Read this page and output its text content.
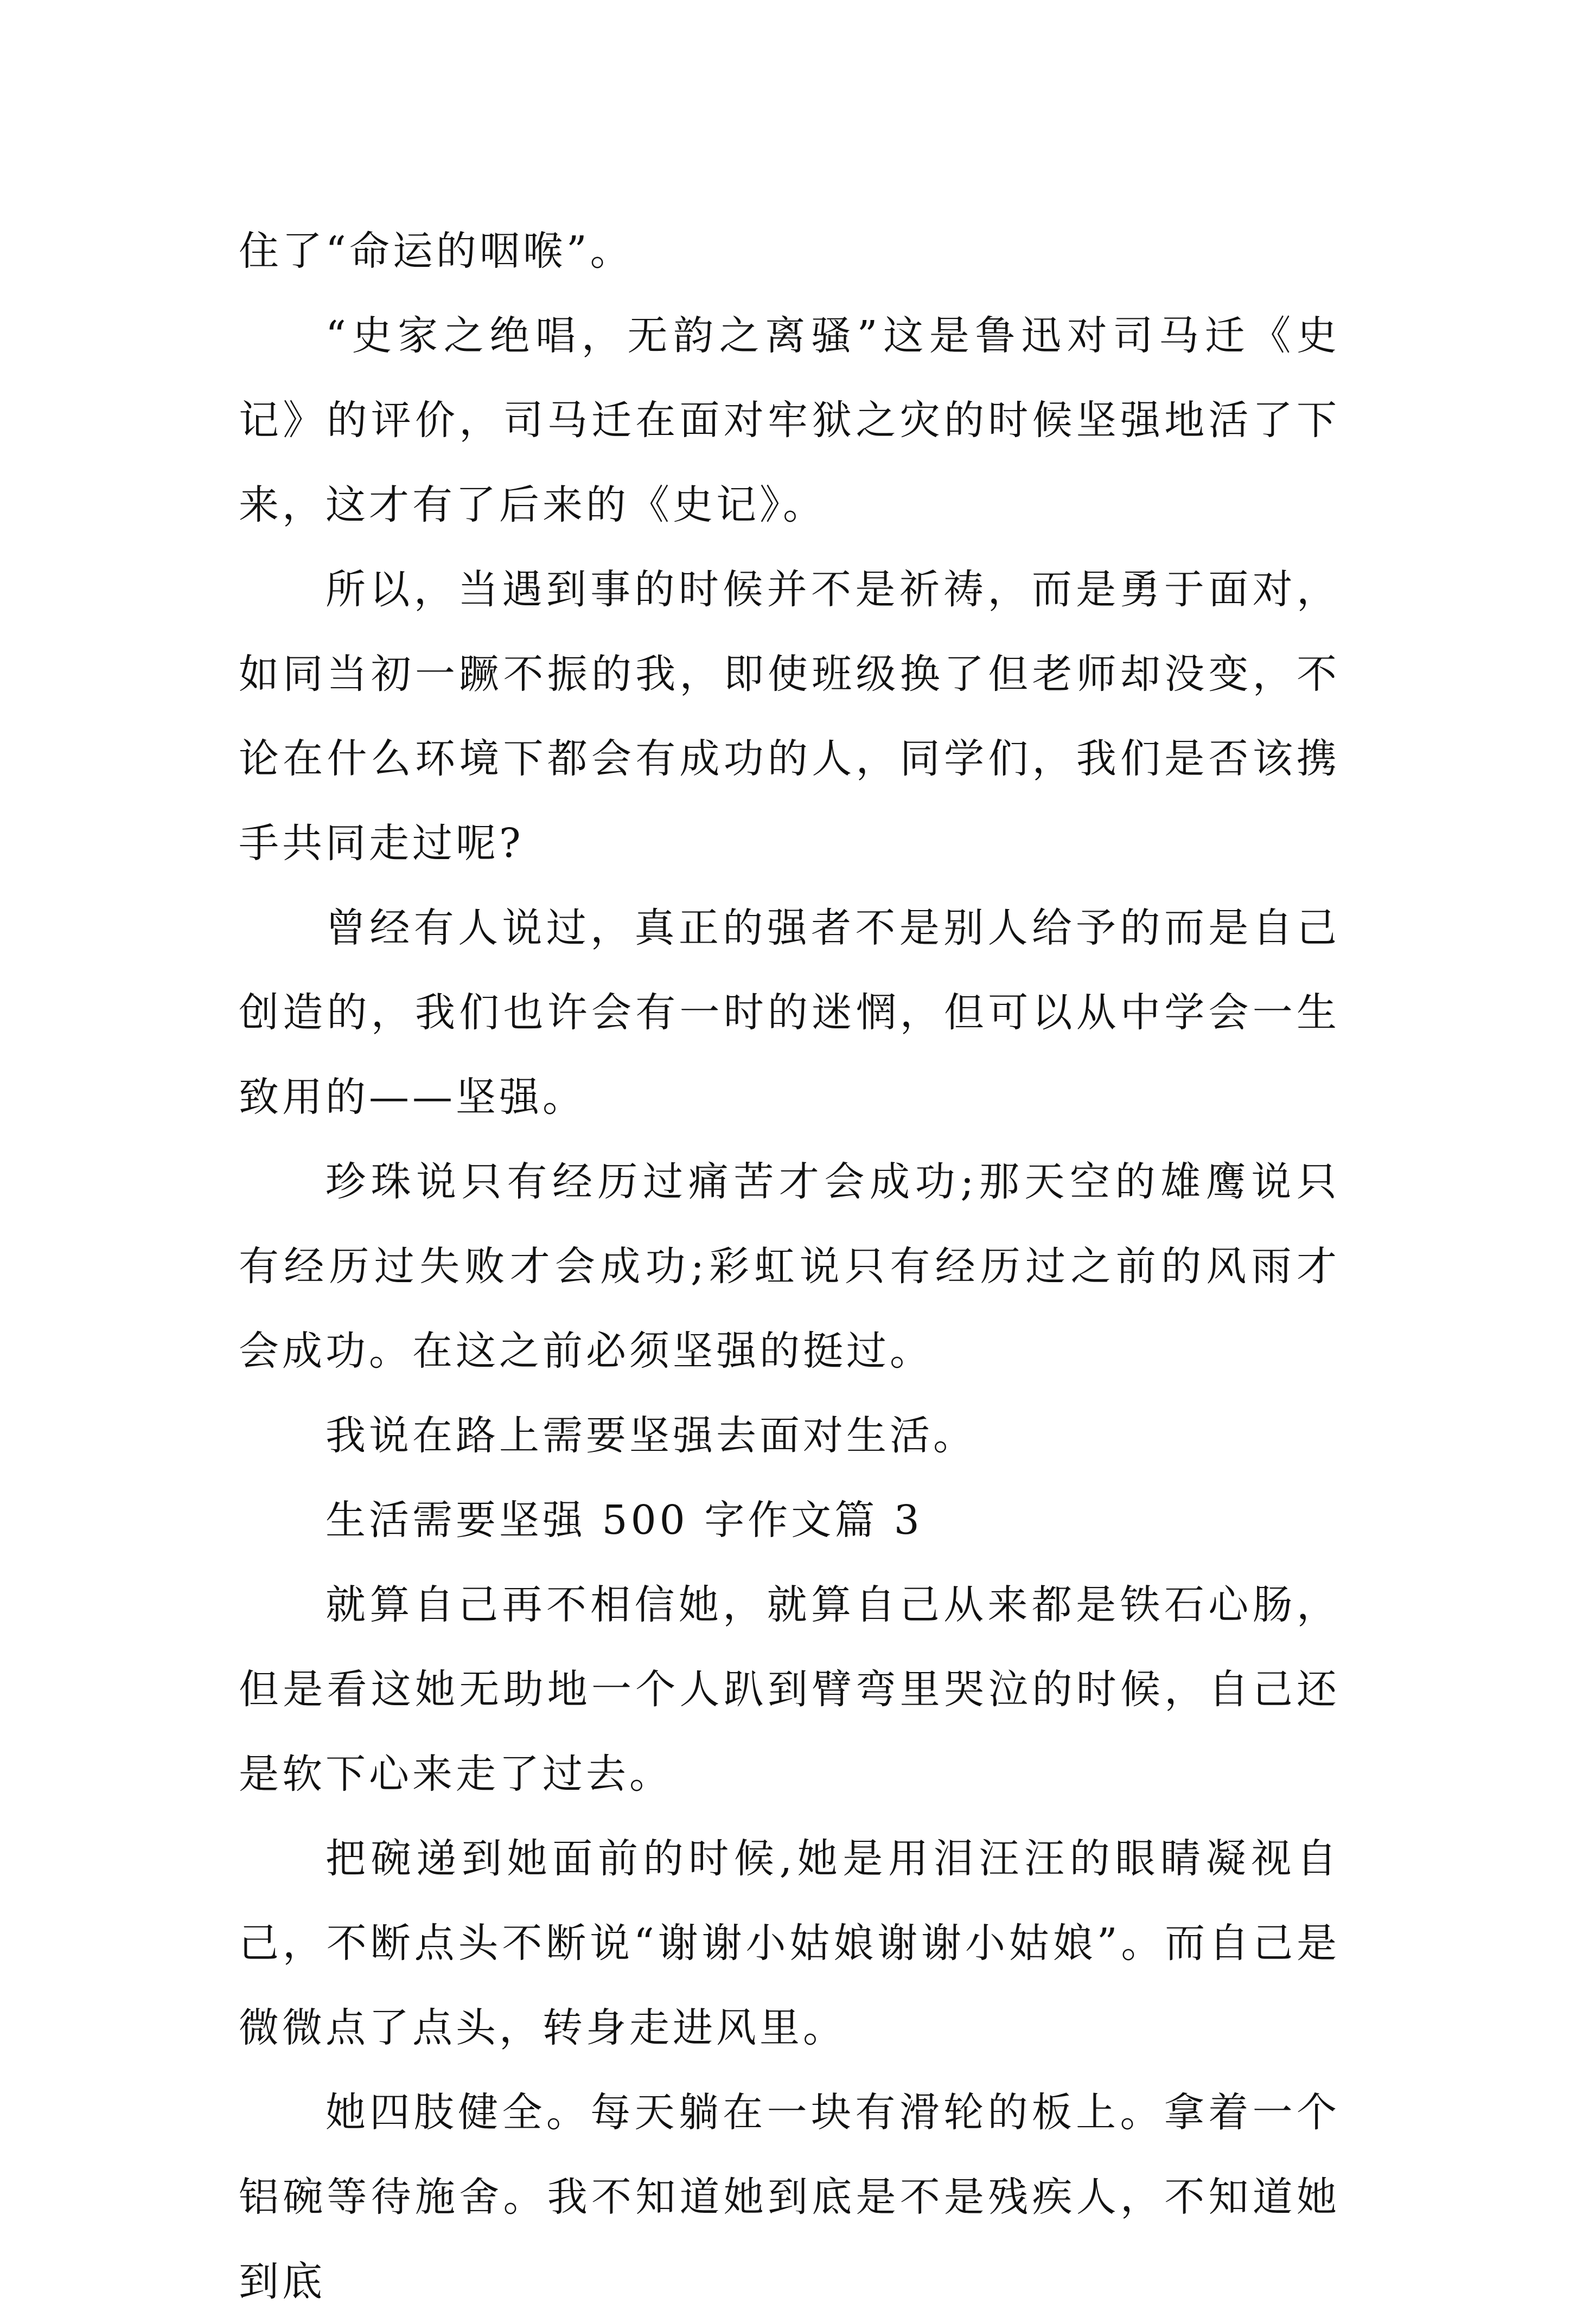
住了“命运的咽喉”。

“史家之绝唱，无韵之离骚”这是鲁迅对司马迁《史记》的评价，司马迁在面对牢狱之灾的时候坚强地活了下来，这才有了后来的《史记》。

所以，当遇到事的时候并不是祈祷，而是勇于面对，如同当初一蹶不振的我，即使班级换了但老师却没变，不论在什么环境下都会有成功的人，同学们，我们是否该携手共同走过呢?

曾经有人说过，真正的强者不是别人给予的而是自己创造的，我们也许会有一时的迷惘，但可以从中学会一生致用的——坚强。

珍珠说只有经历过痛苦才会成功;那天空的雄鹰说只有经历过失败才会成功;彩虹说只有经历过之前的风雨才会成功。在这之前必须坚强的挺过。

我说在路上需要坚强去面对生活。

生活需要坚强 500 字作文篇 3

就算自己再不相信她，就算自己从来都是铁石心肠，但是看这她无助地一个人趴到臂弯里哭泣的时候，自己还是软下心来走了过去。

把碗递到她面前的时候,她是用泪汪汪的眼睛凝视自己，不断点头不断说“谢谢小姑娘谢谢小姑娘”。而自己是微微点了点头，转身走进风里。

她四肢健全。每天躺在一块有滑轮的板上。拿着一个铝碗等待施舍。我不知道她到底是不是残疾人，不知道她到底
